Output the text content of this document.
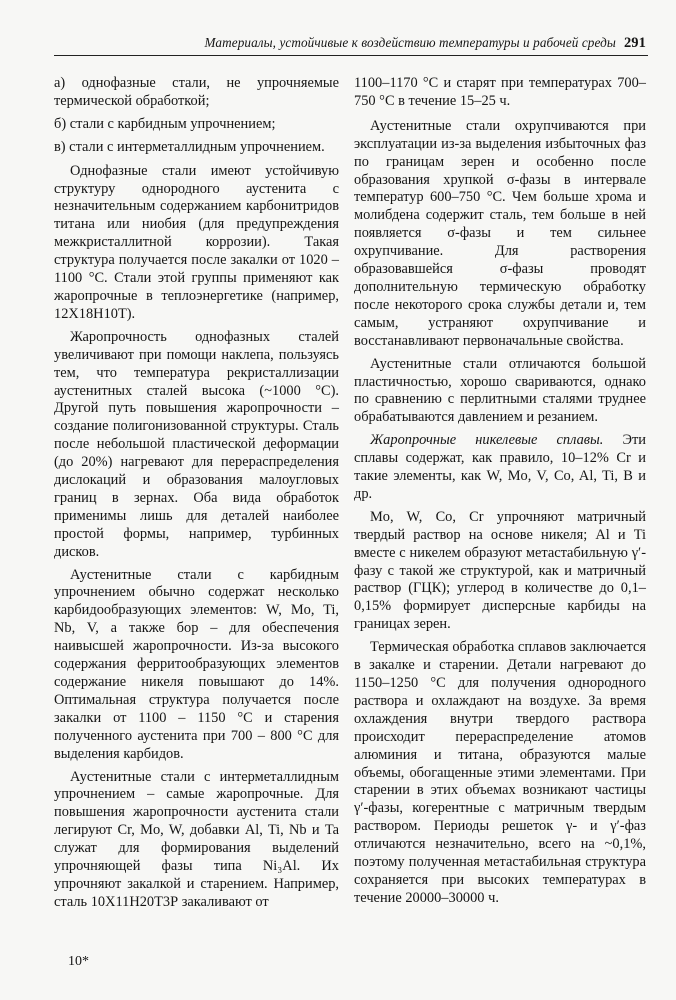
Материалы, устойчивые к воздействию температуры и рабочей среды 291

а) однофазные стали, не упрочняемые термической обработкой;

б) стали с карбидным упрочнением;

в) стали с интерметаллидным упрочнением.

Однофазные стали имеют устойчивую структуру однородного аустенита с незначительным содержанием карбонитридов титана или ниобия (для предупреждения межкристаллитной коррозии). Такая структура получается после закалки от 1020 – 1100 °C. Стали этой группы применяют как жаропрочные в теплоэнергетике (например, 12Х18Н10Т).

Жаропрочность однофазных сталей увеличивают при помощи наклепа, пользуясь тем, что температура рекристаллизации аустенитных сталей высока (~1000 °C). Другой путь повышения жаропрочности – создание полигонизованной структуры. Сталь после небольшой пластической деформации (до 20%) нагревают для перераспределения дислокаций и образования малоугловых границ в зернах. Оба вида обработок применимы лишь для деталей наиболее простой формы, например, турбинных дисков.

Аустенитные стали с карбидным упрочнением обычно содержат несколько карбидообразующих элементов: W, Mo, Ti, Nb, V, а также бор – для обеспечения наивысшей жаропрочности. Из-за высокого содержания ферритообразующих элементов содержание никеля повышают до 14%. Оптимальная структура получается после закалки от 1100 – 1150 °C и старения полученного аустенита при 700 – 800 °C для выделения карбидов.

Аустенитные стали с интерметаллидным упрочнением – самые жаропрочные. Для повышения жаропрочности аустенита стали легируют Cr, Mo, W, добавки Al, Ti, Nb и Ta служат для формирования выделений упрочняющей фазы типа Ni₃Al. Их упрочняют закалкой и старением. Например, сталь 10Х11Н20Т3Р закаливают от

1100–1170 °C и старят при температурах 700–750 °C в течение 15–25 ч.

Аустенитные стали охрупчиваются при эксплуатации из-за выделения избыточных фаз по границам зерен и особенно после образования хрупкой σ-фазы в интервале температур 600–750 °C. Чем больше хрома и молибдена содержит сталь, тем больше в ней появляется σ-фазы и тем сильнее охрупчивание. Для растворения образовавшейся σ-фазы проводят дополнительную термическую обработку после некоторого срока службы детали и, тем самым, устраняют охрупчивание и восстанавливают первоначальные свойства.

Аустенитные стали отличаются большой пластичностью, хорошо свариваются, однако по сравнению с перлитными сталями труднее обрабатываются давлением и резанием.

Жаропрочные никелевые сплавы. Эти сплавы содержат, как правило, 10–12% Cr и такие элементы, как W, Mo, V, Co, Al, Ti, B и др.

Mo, W, Co, Cr упрочняют матричный твердый раствор на основе никеля; Al и Ti вместе с никелем образуют метастабильную γ′-фазу с такой же структурой, как и матричный раствор (ГЦК); углерод в количестве до 0,1–0,15% формирует дисперсные карбиды на границах зерен.

Термическая обработка сплавов заключается в закалке и старении. Детали нагревают до 1150–1250 °C для получения однородного раствора и охлаждают на воздухе. За время охлаждения внутри твердого раствора происходит перераспределение атомов алюминия и титана, образуются малые объемы, обогащенные этими элементами. При старении в этих объемах возникают частицы γ′-фазы, когерентные с матричным твердым раствором. Периоды решеток γ- и γ′-фаз отличаются незначительно, всего на ~0,1%, поэтому полученная метастабильная структура сохраняется при высоких температурах в течение 20000–30000 ч.

10*
